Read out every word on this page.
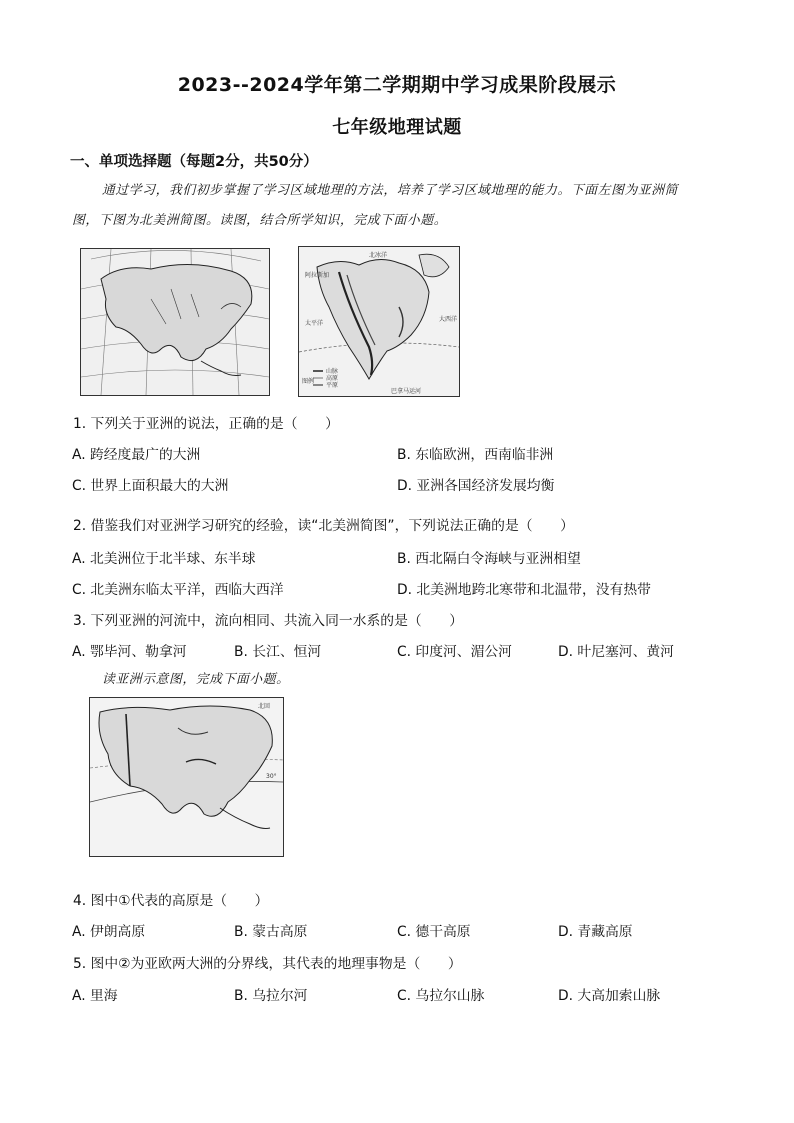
2023--2024学年第二学期期中学习成果阶段展示
七年级地理试题
一、单项选择题（每题2分，共50分）
通过学习，我们初步掌握了学习区域地理的方法，培养了学习区域地理的能力。下面左图为亚洲简
图，下图为北美洲简图。读图，结合所学知识，完成下面小题。
北冰洋
阿拉斯加
大西洋
太平洋
山脉
高原
平原
图例
巴拿马运河
1. 下列关于亚洲的说法，正确的是（　　）
A. 跨经度最广的大洲	B. 东临欧洲，西南临非洲
C. 世界上面积最大的大洲	D. 亚洲各国经济发展均衡
2. 借鉴我们对亚洲学习研究的经验，读“北美洲简图”，下列说法正确的是（　　）
A. 北美洲位于北半球、东半球	B. 西北隔白令海峡与亚洲相望
C. 北美洲东临太平洋，西临大西洋	D. 北美洲地跨北寒带和北温带，没有热带
3. 下列亚洲的河流中，流向相同、共流入同一水系的是（　　）
A. 鄂毕河、勒拿河	B. 长江、恒河	C. 印度河、湄公河	D. 叶尼塞河、黄河
读亚洲示意图，完成下面小题。
北回
30°
4. 图中①代表的高原是（　　）
A. 伊朗高原	B. 蒙古高原	C. 德干高原	D. 青藏高原
5. 图中②为亚欧两大洲的分界线，其代表的地理事物是（　　）
A. 里海	B. 乌拉尔河	C. 乌拉尔山脉	D. 大高加索山脉
